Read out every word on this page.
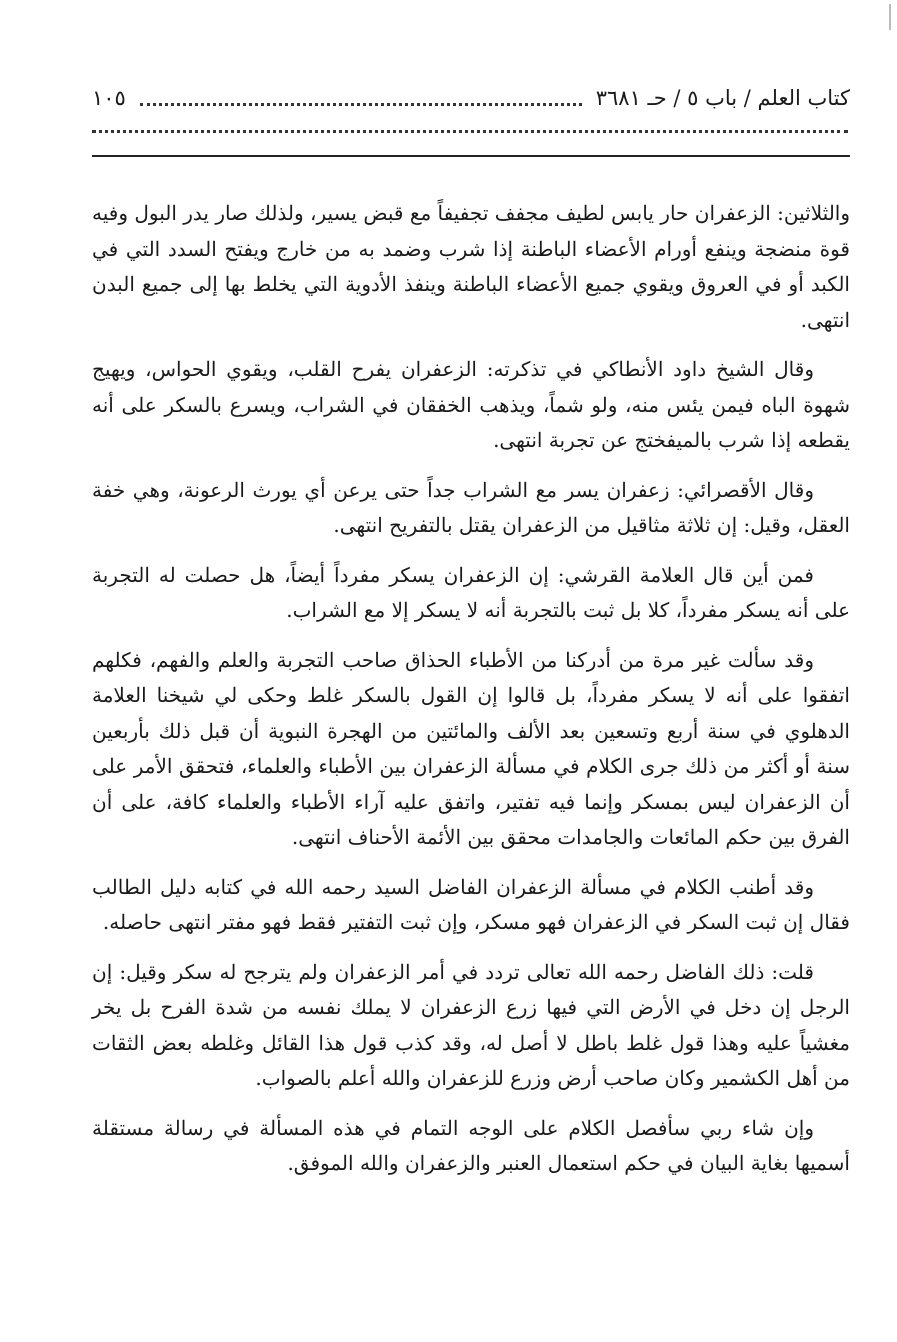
كتاب العلم / باب ٥ / حـ ٣٦٨١
١٠٥

والثلاثين: الزعفران حار يابس لطيف مجفف تجفيفاً مع قبض يسير، ولذلك صار يدر البول وفيه قوة منضجة وينفع أورام الأعضاء الباطنة إذا شرب وضمد به من خارج ويفتح السدد التي في الكبد أو في العروق ويقوي جميع الأعضاء الباطنة وينفذ الأدوية التي يخلط بها إلى جميع البدن انتهى.

وقال الشيخ داود الأنطاكي في تذكرته: الزعفران يفرح القلب، ويقوي الحواس، ويهيج شهوة الباه فيمن يئس منه، ولو شماً، ويذهب الخفقان في الشراب، ويسرع بالسكر على أنه يقطعه إذا شرب بالميفختج عن تجربة انتهى.

وقال الأقصرائي: زعفران يسر مع الشراب جداً حتى يرعن أي يورث الرعونة، وهي خفة العقل، وقيل: إن ثلاثة مثاقيل من الزعفران يقتل بالتفريح انتهى.

فمن أين قال العلامة القرشي: إن الزعفران يسكر مفرداً أيضاً، هل حصلت له التجربة على أنه يسكر مفرداً، كلا بل ثبت بالتجربة أنه لا يسكر إلا مع الشراب.

وقد سألت غير مرة من أدركنا من الأطباء الحذاق صاحب التجربة والعلم والفهم، فكلهم اتفقوا على أنه لا يسكر مفرداً، بل قالوا إن القول بالسكر غلط وحكى لي شيخنا العلامة الدهلوي في سنة أربع وتسعين بعد الألف والمائتين من الهجرة النبوية أن قبل ذلك بأربعين سنة أو أكثر من ذلك جرى الكلام في مسألة الزعفران بين الأطباء والعلماء، فتحقق الأمر على أن الزعفران ليس بمسكر وإنما فيه تفتير، واتفق عليه آراء الأطباء والعلماء كافة، على أن الفرق بين حكم المائعات والجامدات محقق بين الأئمة الأحناف انتهى.

وقد أطنب الكلام في مسألة الزعفران الفاضل السيد رحمه الله في كتابه دليل الطالب فقال إن ثبت السكر في الزعفران فهو مسكر، وإن ثبت التفتير فقط فهو مفتر انتهى حاصله.

قلت: ذلك الفاضل رحمه الله تعالى تردد في أمر الزعفران ولم يترجح له سكر وقيل: إن الرجل إن دخل في الأرض التي فيها زرع الزعفران لا يملك نفسه من شدة الفرح بل يخر مغشياً عليه وهذا قول غلط باطل لا أصل له، وقد كذب قول هذا القائل وغلطه بعض الثقات من أهل الكشمير وكان صاحب أرض وزرع للزعفران والله أعلم بالصواب.

وإن شاء ربي سأفصل الكلام على الوجه التمام في هذه المسألة في رسالة مستقلة أسميها بغاية البيان في حكم استعمال العنبر والزعفران والله الموفق.
